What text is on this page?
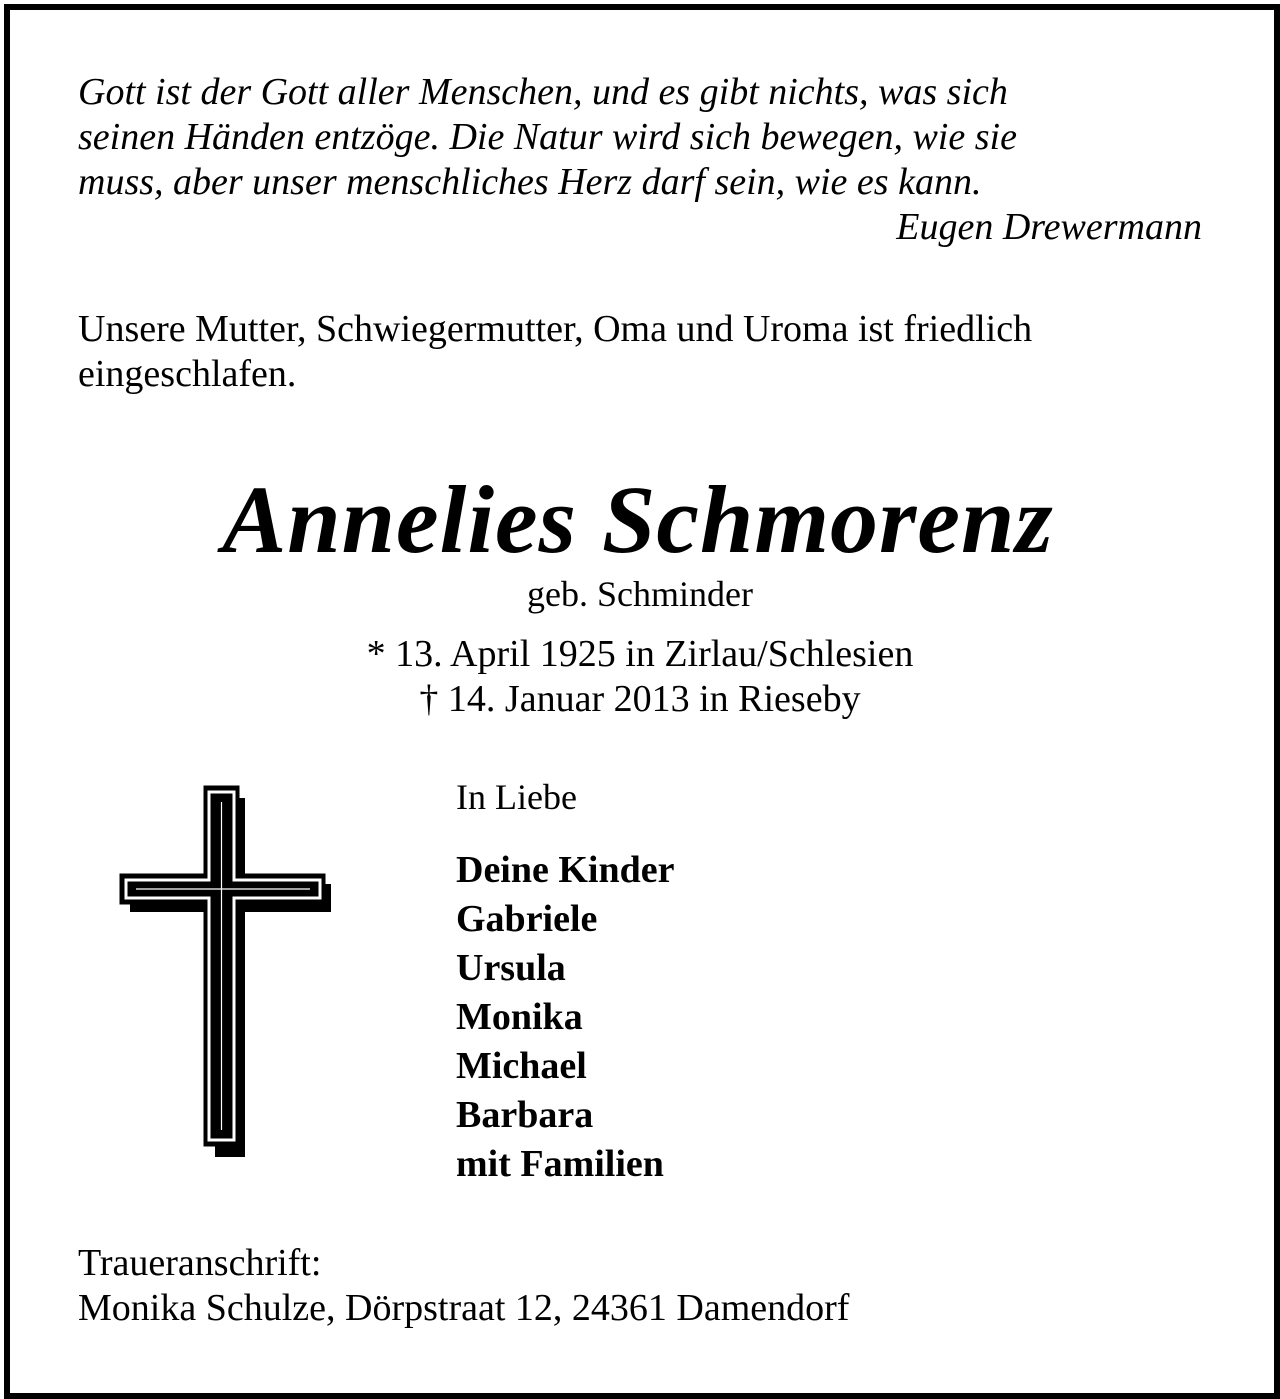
Gott ist der Gott aller Menschen, und es gibt nichts, was sich
seinen Händen entzöge. Die Natur wird sich bewegen, wie sie
muss, aber unser menschliches Herz darf sein, wie es kann.
Eugen Drewermann
Unsere Mutter, Schwiegermutter, Oma und Uroma ist friedlich
eingeschlafen.
Annelies Schmorenz
geb. Schminder
* 13. April 1925 in Zirlau/Schlesien
† 14. Januar 2013 in Rieseby
In Liebe
Deine Kinder
Gabriele
Ursula
Monika
Michael
Barbara
mit Familien
Traueranschrift:
Monika Schulze, Dörpstraat 12, 24361 Damendorf
